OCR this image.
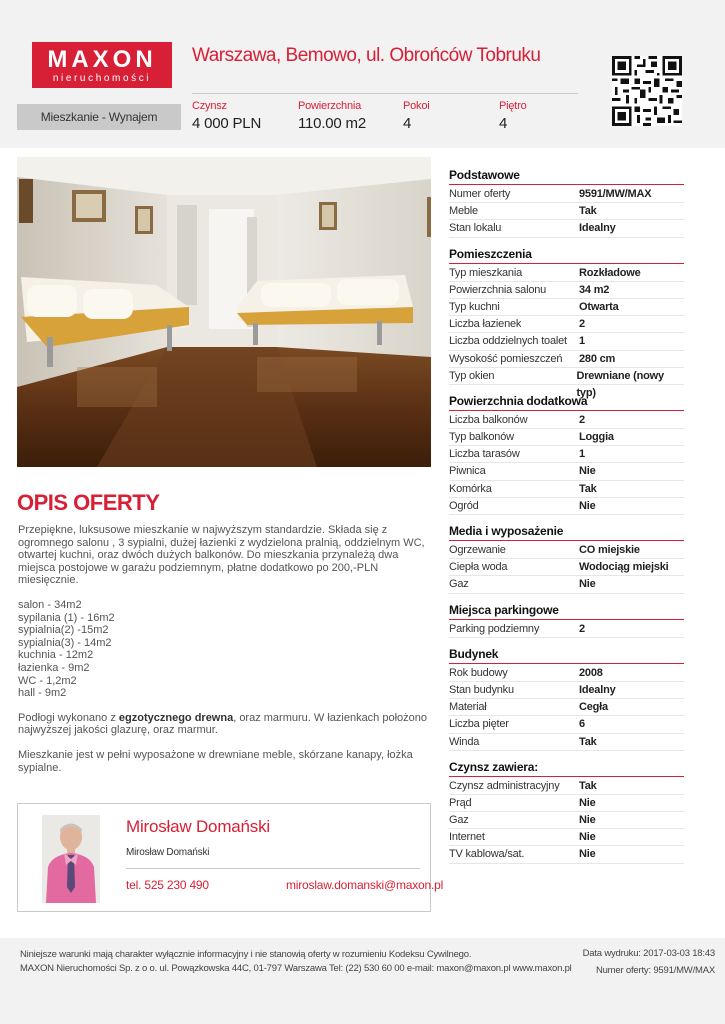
MAXON
nieruchomości
Warszawa, Bemowo, ul. Obrońców Tobruku
Mieszkanie - Wynajem
Czynsz
4 000 PLN
Powierzchnia
110.00 m2
Pokoi
4
Piętro
4
OPIS OFERTY

Przepiękne, luksusowe mieszkanie w najwyższym standardzie. Składa się z ogromnego salonu , 3 sypialni, dużej łazienki z wydzielona pralnią, oddzielnym WC, otwartej kuchni, oraz dwóch dużych balkonów. Do mieszkania przynależą dwa miejsca postojowe w garażu podziemnym, płatne dodatkowo po 200,-PLN miesięcznie.

salon - 34m2
sypilania (1) - 16m2
sypialnia(2) -15m2
sypialnia(3) - 14m2
kuchnia - 12m2
łazienka - 9m2
WC - 1,2m2
hall - 9m2

Podłogi wykonano z egzotycznego drewna, oraz marmuru. W łazienkach położono najwyższej jakości glazurę, oraz marmur.

Mieszkanie jest w pełni wyposażone w drewniane meble, skórzane kanapy, łożka sypialne.

Mirosław Domański
Mirosław Domański
tel. 525 230 490	miroslaw.domanski@maxon.pl
Podstawowe
Numer oferty	9591/MW/MAX
Meble	Tak
Stan lokalu	Idealny
Pomieszczenia
Typ mieszkania	Rozkładowe
Powierzchnia salonu	34 m2
Typ kuchni	Otwarta
Liczba łazienek	2
Liczba oddzielnych toalet	1
Wysokość pomieszczeń	280 cm
Typ okien	Drewniane (nowy typ)
Powierzchnia dodatkowa
Liczba balkonów	2
Typ balkonów	Loggia
Liczba tarasów	1
Piwnica	Nie
Komórka	Tak
Ogród	Nie
Media i wyposażenie
Ogrzewanie	CO miejskie
Ciepła woda	Wodociąg miejski
Gaz	Nie
Miejsca parkingowe
Parking podziemny	2
Budynek
Rok budowy	2008
Stan budynku	Idealny
Materiał	Cegła
Liczba pięter	6
Winda	Tak
Czynsz zawiera:
Czynsz administracyjny	Tak
Prąd	Nie
Gaz	Nie
Internet	Nie
TV kablowa/sat.	Nie
Niniejsze warunki mają charakter wyłącznie informacyjny i nie stanowią oferty w rozumieniu Kodeksu Cywilnego.
MAXON Nieruchomości Sp. z o o. ul. Powązkowska 44C, 01-797 Warszawa Tel: (22) 530 60 00 e-mail: maxon@maxon.pl www.maxon.pl
Data wydruku: 2017-03-03 18:43
Numer oferty: 9591/MW/MAX
